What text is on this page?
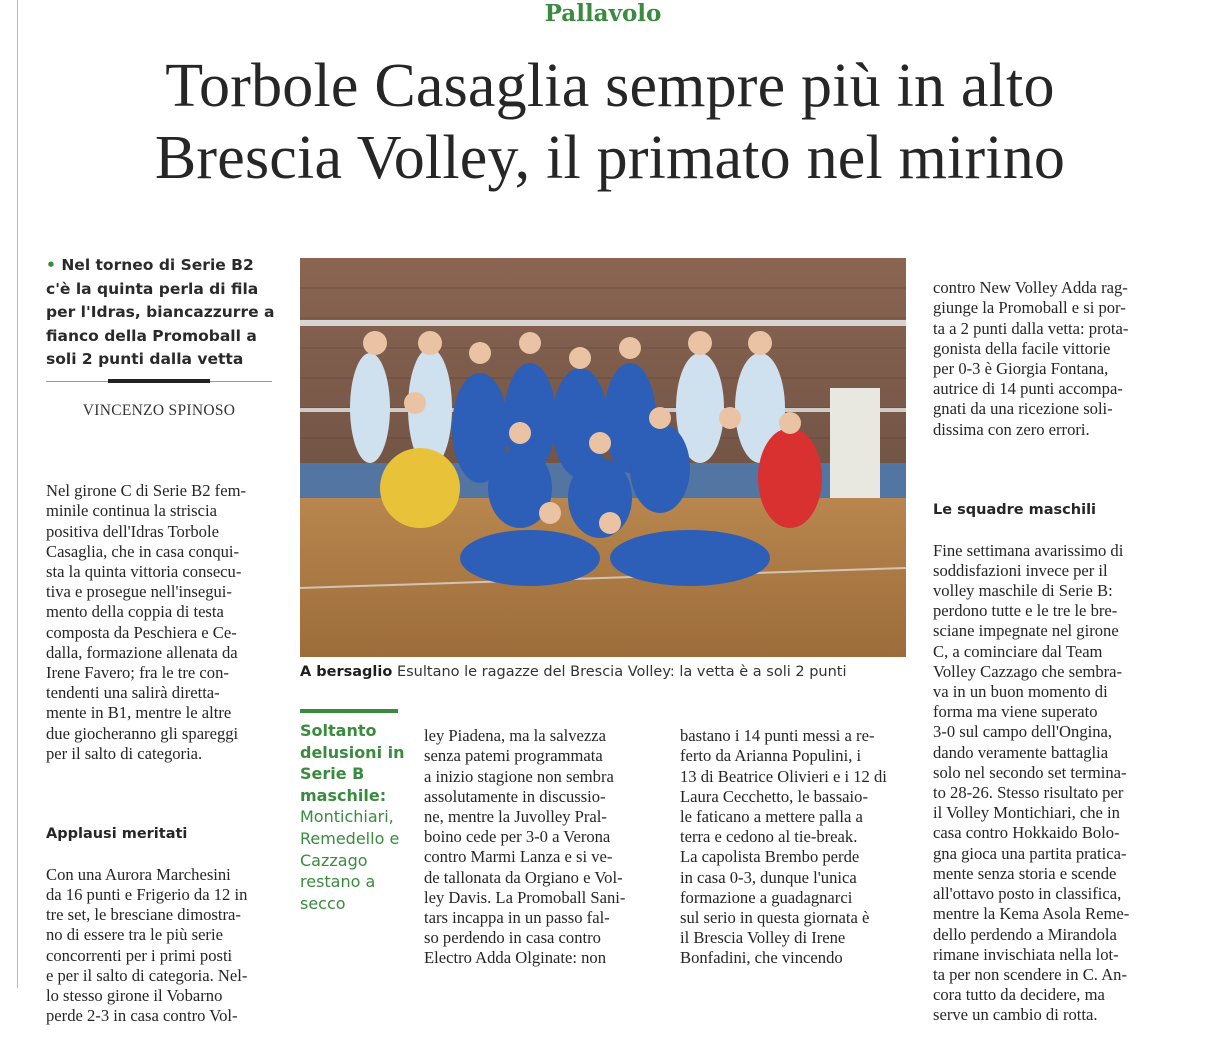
Pallavolo
Torbole Casaglia sempre più in alto
Brescia Volley, il primato nel mirino
• Nel torneo di Serie B2 c'è la quinta perla di fila per l'Idras, biancazzurre a fianco della Promoball a soli 2 punti dalla vetta
VINCENZO SPINOSO

Nel girone C di Serie B2 fem-
minile continua la striscia
positiva dell'Idras Torbole
Casaglia, che in casa conqui-
sta la quinta vittoria consecu-
tiva e prosegue nell'insegui-
mento della coppia di testa
composta da Peschiera e Ce-
dalla, formazione allenata da
Irene Favero; fra le tre con-
tendenti una salirà diretta-
mente in B1, mentre le altre
due giocheranno gli spareggi
per il salto di categoria.

Applausi meritati

Con una Aurora Marchesini
da 16 punti e Frigerio da 12 in
tre set, le bresciane dimostra-
no di essere tra le più serie
concorrenti per i primi posti
e per il salto di categoria. Nel-
lo stesso girone il Vobarno
perde 2-3 in casa contro Vol-

A bersaglio Esultano le ragazze del Brescia Volley: la vetta è a soli 2 punti
Soltanto delusioni in Serie B maschile: Montichiari, Remedello e Cazzago restano a secco

ley Piadena, ma la salvezza
senza patemi programmata
a inizio stagione non sembra
assolutamente in discussio-
ne, mentre la Juvolley Pral-
boino cede per 3-0 a Verona
contro Marmi Lanza e si ve-
de tallonata da Orgiano e Vol-
ley Davis. La Promoball Sani-
tars incappa in un passo fal-
so perdendo in casa contro
Electro Adda Olginate: non

bastano i 14 punti messi a re-
ferto da Arianna Populini, i
13 di Beatrice Olivieri e i 12 di
Laura Cecchetto, le bassaio-
le faticano a mettere palla a
terra e cedono al tie-break.
La capolista Brembo perde
in casa 0-3, dunque l'unica
formazione a guadagnarci
sul serio in questa giornata è
il Brescia Volley di Irene
Bonfadini, che vincendo

contro New Volley Adda rag-
giunge la Promoball e si por-
ta a 2 punti dalla vetta: prota-
gonista della facile vittorie
per 0-3 è Giorgia Fontana,
autrice di 14 punti accompa-
gnati da una ricezione soli-
dissima con zero errori.

Le squadre maschili

Fine settimana avarissimo di
soddisfazioni invece per il
volley maschile di Serie B:
perdono tutte e le tre le bre-
sciane impegnate nel girone
C, a cominciare dal Team
Volley Cazzago che sembra-
va in un buon momento di
forma ma viene superato
3-0 sul campo dell'Ongina,
dando veramente battaglia
solo nel secondo set termina-
to 28-26. Stesso risultato per
il Volley Montichiari, che in
casa contro Hokkaido Bolo-
gna gioca una partita pratica-
mente senza storia e scende
all'ottavo posto in classifica,
mentre la Kema Asola Reme-
dello perdendo a Mirandola
rimane invischiata nella lot-
ta per non scendere in C. An-
cora tutto da decidere, ma
serve un cambio di rotta.
